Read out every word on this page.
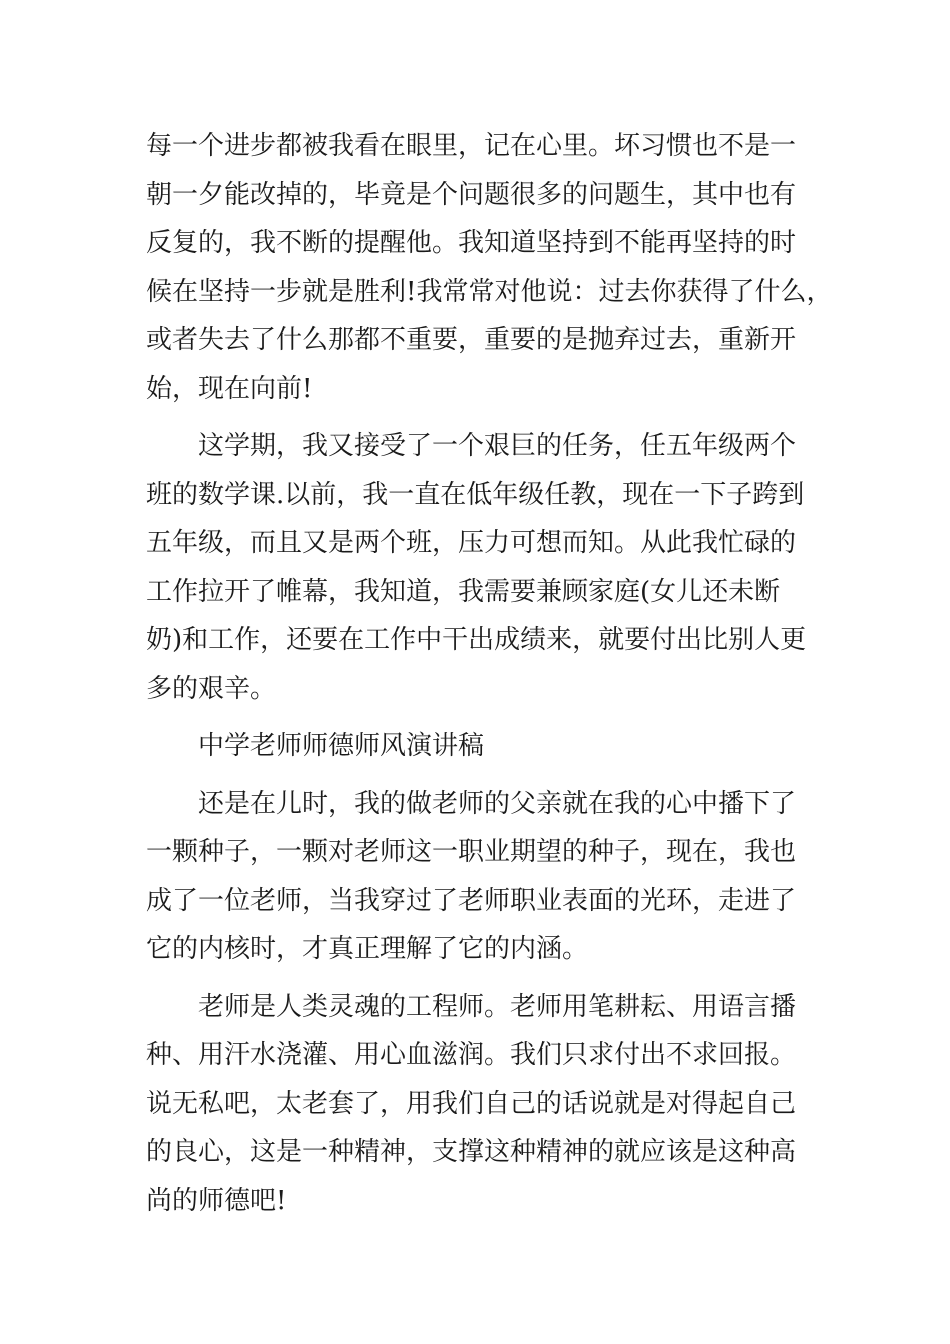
每一个进步都被我看在眼里，记在心里。坏习惯也不是一
朝一夕能改掉的，毕竟是个问题很多的问题生，其中也有
反复的，我不断的提醒他。我知道坚持到不能再坚持的时
候在坚持一步就是胜利!我常常对他说：过去你获得了什么，
或者失去了什么那都不重要，重要的是抛弃过去，重新开
始，现在向前!
这学期，我又接受了一个艰巨的任务，任五年级两个
班的数学课.以前，我一直在低年级任教，现在一下子跨到
五年级，而且又是两个班，压力可想而知。从此我忙碌的
工作拉开了帷幕，我知道，我需要兼顾家庭(女儿还未断
奶)和工作，还要在工作中干出成绩来，就要付出比别人更
多的艰辛。
中学老师师德师风演讲稿
还是在儿时，我的做老师的父亲就在我的心中播下了
一颗种子，一颗对老师这一职业期望的种子，现在，我也
成了一位老师，当我穿过了老师职业表面的光环，走进了
它的内核时，才真正理解了它的内涵。
老师是人类灵魂的工程师。老师用笔耕耘、用语言播
种、用汗水浇灌、用心血滋润。我们只求付出不求回报。
说无私吧，太老套了，用我们自己的话说就是对得起自己
的良心，这是一种精神，支撑这种精神的就应该是这种高
尚的师德吧!
